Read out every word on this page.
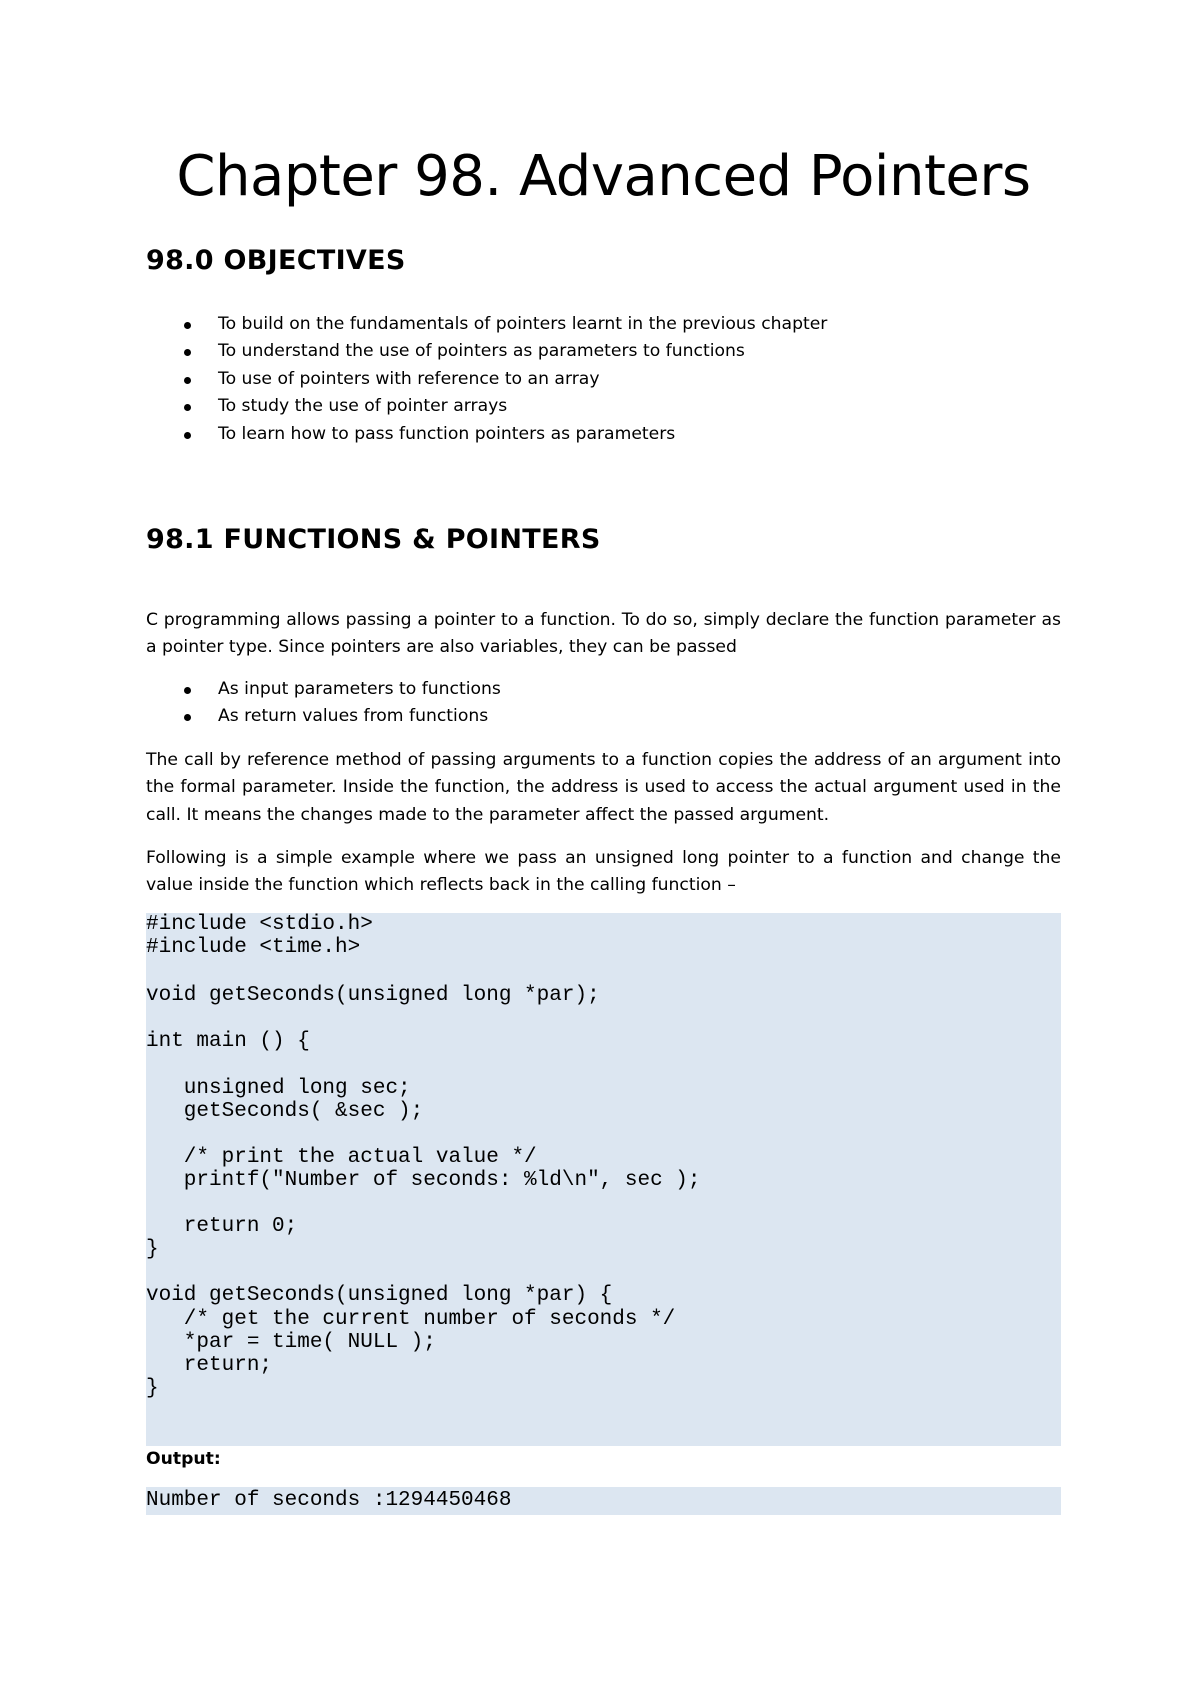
Chapter 98. Advanced Pointers
98.0 OBJECTIVES
To build on the fundamentals of pointers learnt in the previous chapter
To understand the use of pointers as parameters to functions
To use of pointers with reference to an array
To study the use of pointer arrays
To learn how to pass function pointers as parameters
98.1 FUNCTIONS & POINTERS

C programming allows passing a pointer to a function. To do so, simply declare the function parameter as a pointer type. Since pointers are also variables, they can be passed

As input parameters to functions
As return values from functions

The call by reference method of passing arguments to a function copies the address of an argument into the formal parameter. Inside the function, the address is used to access the actual argument used in the call. It means the changes made to the parameter affect the passed argument.

Following is a simple example where we pass an unsigned long pointer to a function and change the value inside the function which reflects back in the calling function –

#include <stdio.h>
#include <time.h>
void getSeconds(unsigned long *par);
int main () {
unsigned long sec;
getSeconds( &sec );
/* print the actual value */
printf("Number of seconds: %ld\n", sec );
return 0;
}
void getSeconds(unsigned long *par) {
/* get the current number of seconds */
*par = time( NULL );
return;
}

Output:

Number of seconds :1294450468
